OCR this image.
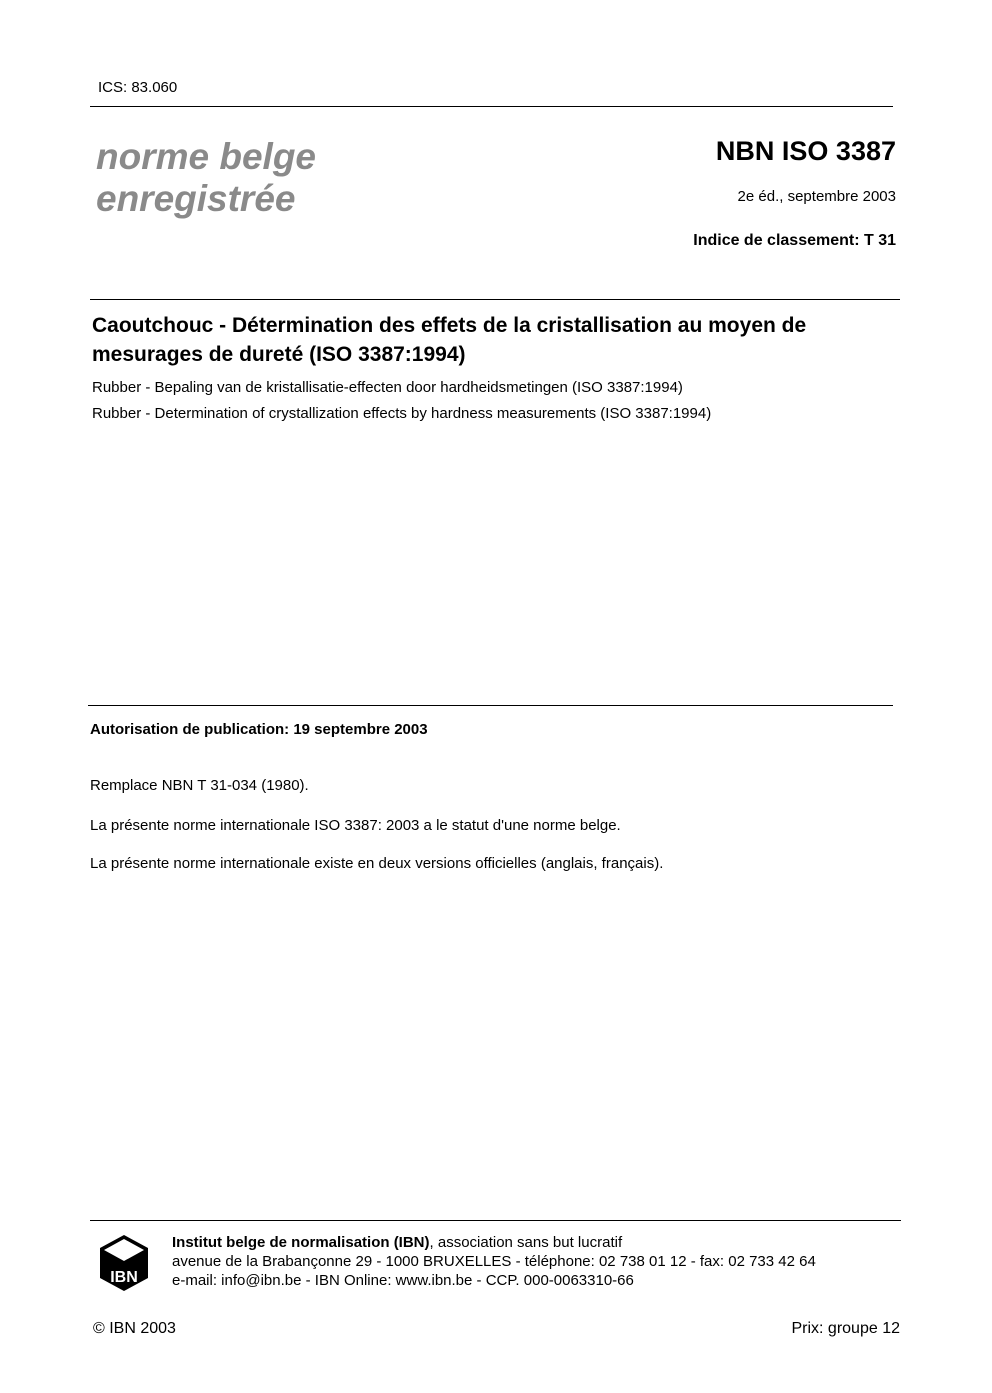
ICS: 83.060
norme belge
enregistrée
NBN ISO 3387
2e éd., septembre 2003
Indice de classement: T 31
Caoutchouc - Détermination des effets de la cristallisation au moyen de mesurages de dureté (ISO 3387:1994)
Rubber - Bepaling van de kristallisatie-effecten door hardheidsmetingen (ISO 3387:1994)
Rubber - Determination of crystallization effects by hardness measurements (ISO 3387:1994)
Autorisation de publication: 19 septembre 2003
Remplace NBN T 31-034 (1980).
La présente norme internationale ISO 3387: 2003 a le statut d'une norme belge.
La présente norme internationale existe en deux versions officielles (anglais, français).
IBN
Institut belge de normalisation (IBN), association sans but lucratif
avenue de la Brabançonne 29 - 1000 BRUXELLES - téléphone: 02 738 01 12 - fax: 02 733 42 64
e-mail: info@ibn.be - IBN Online: www.ibn.be - CCP. 000-0063310-66
© IBN 2003	Prix: groupe 12
